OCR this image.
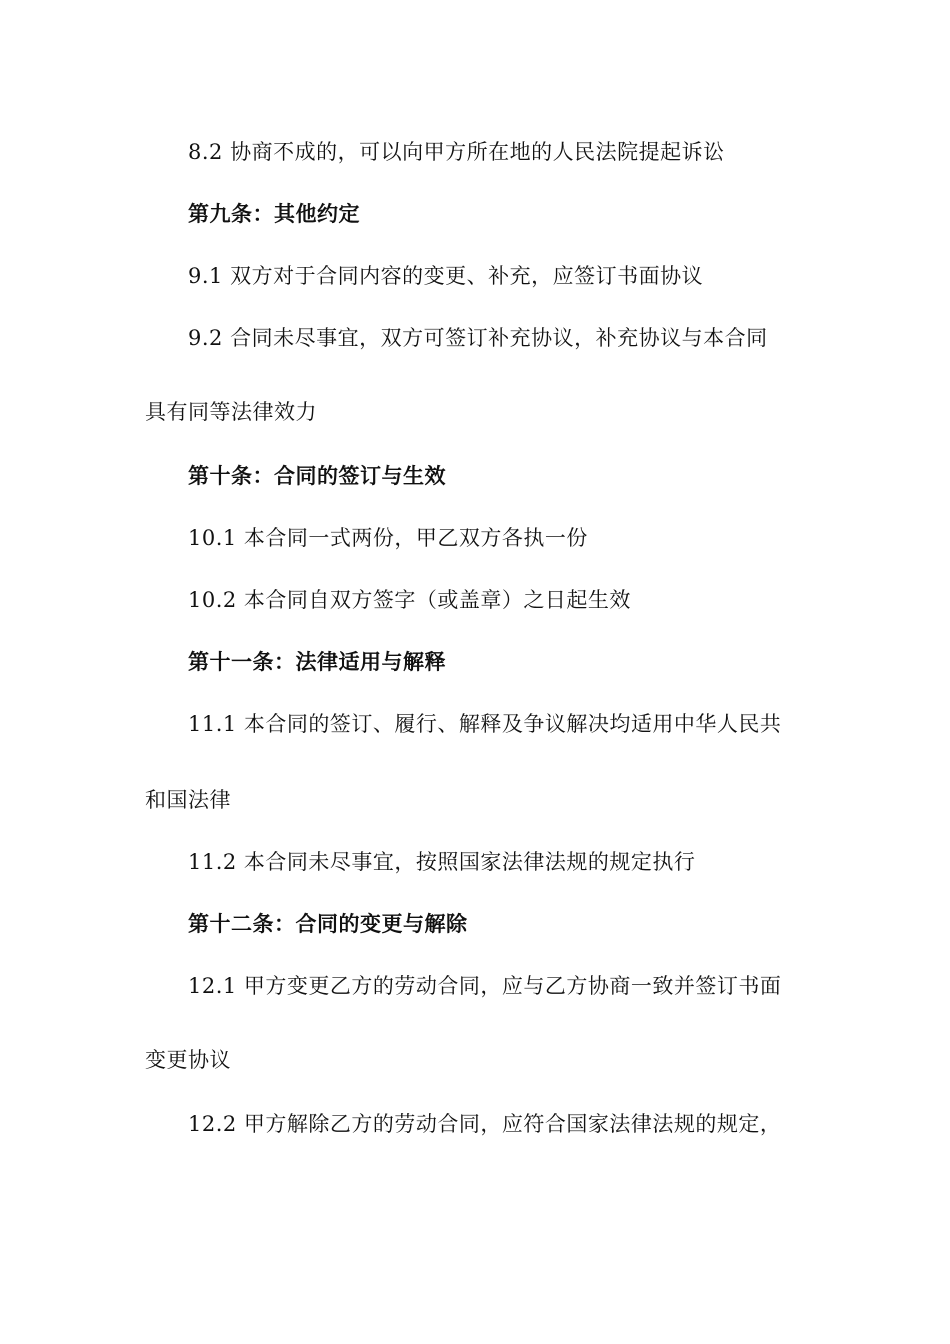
8.2 协商不成的，可以向甲方所在地的人民法院提起诉讼
第九条：其他约定
9.1 双方对于合同内容的变更、补充，应签订书面协议
9.2 合同未尽事宜，双方可签订补充协议，补充协议与本合同
具有同等法律效力
第十条：合同的签订与生效
10.1 本合同一式两份，甲乙双方各执一份
10.2 本合同自双方签字（或盖章）之日起生效
第十一条：法律适用与解释
11.1 本合同的签订、履行、解释及争议解决均适用中华人民共
和国法律
11.2 本合同未尽事宜，按照国家法律法规的规定执行
第十二条：合同的变更与解除
12.1 甲方变更乙方的劳动合同，应与乙方协商一致并签订书面
变更协议
12.2 甲方解除乙方的劳动合同，应符合国家法律法规的规定，
